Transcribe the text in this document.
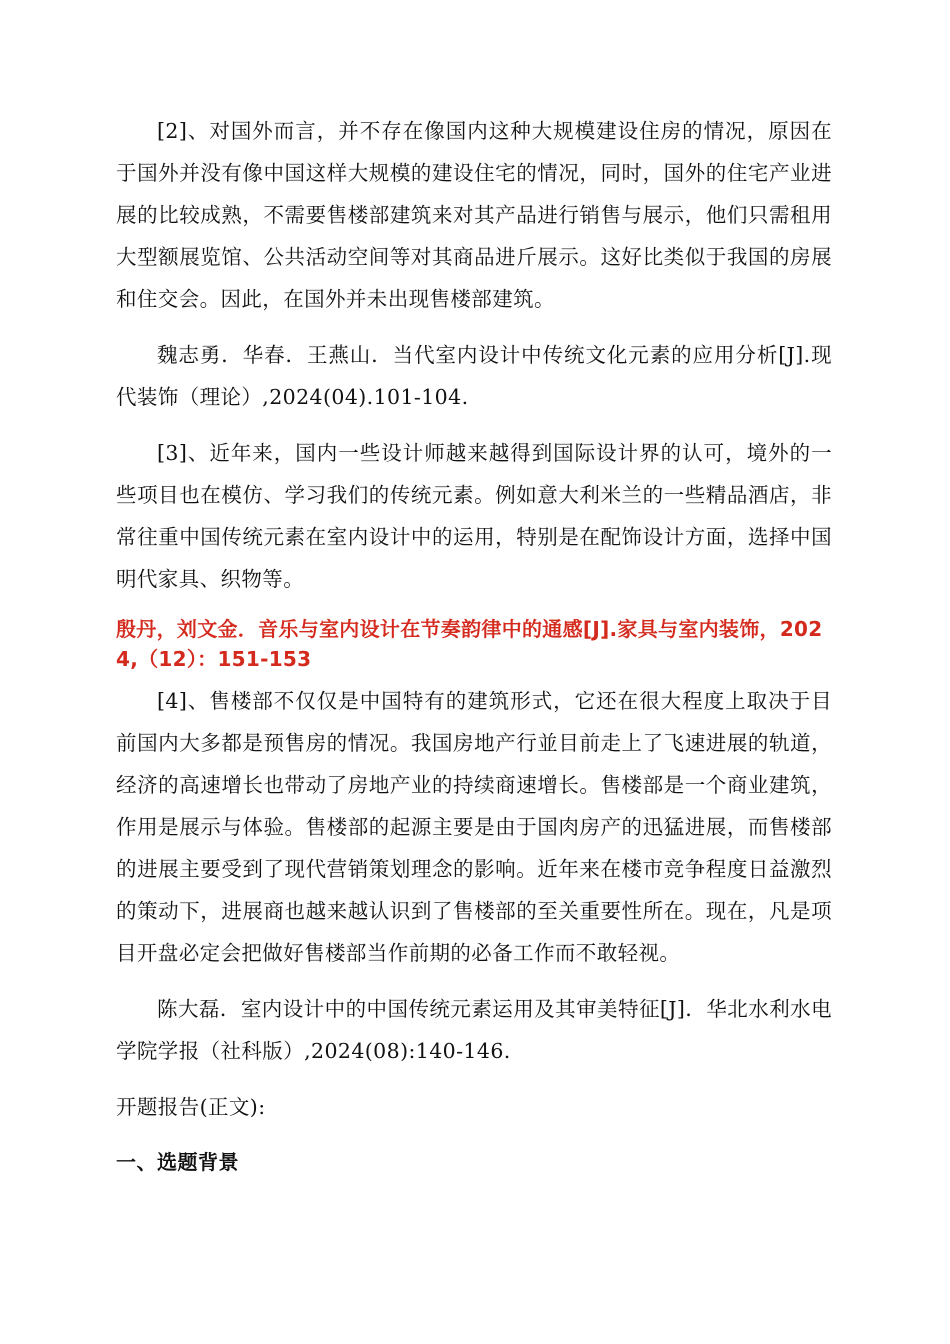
[2]、对国外而言，并不存在像国内这种大规模建设住房的情况，原因在于国外并没有像中国这样大规模的建设住宅的情况，同时，国外的住宅产业进展的比较成熟，不需要售楼部建筑来对其产品进行销售与展示，他们只需租用大型额展览馆、公共活动空间等对其商品进斤展示。这好比类似于我国的房展和住交会。因此，在国外并未出现售楼部建筑。

魏志勇．华春．王燕山．当代室内设计中传统文化元素的应用分析[J].现代装饰（理论）,2024(04).101-104.

[3]、近年来，国内一些设计师越来越得到国际设计界的认可，境外的一些项目也在模仿、学习我们的传统元素。例如意大利米兰的一些精品酒店，非常往重中国传统元素在室内设计中的运用，特别是在配饰设计方面，选择中国明代家具、织物等。

殷丹，刘文金．音乐与室内设计在节奏韵律中的通感[J].家具与室内装饰，2024,（12）：151-153

[4]、售楼部不仅仅是中国特有的建筑形式，它还在很大程度上取决于目前国内大多都是预售房的情况。我国房地产行並目前走上了飞速进展的轨道，经济的高速增长也带动了房地产业的持续商速增长。售楼部是一个商业建筑，作用是展示与体验。售楼部的起源主要是由于国肉房产的迅猛进展，而售楼部的进展主要受到了现代营销策划理念的影响。近年来在楼市竞争程度日益激烈的策动下，进展商也越来越认识到了售楼部的至关重要性所在。现在，凡是项目开盘必定会把做好售楼部当作前期的必备工作而不敢轻视。

陈大磊．室内设计中的中国传统元素运用及其审美特征[J]．华北水利水电学院学报（社科版）,2024(08):140-146.

开题报告(正文):

一、选题背景
